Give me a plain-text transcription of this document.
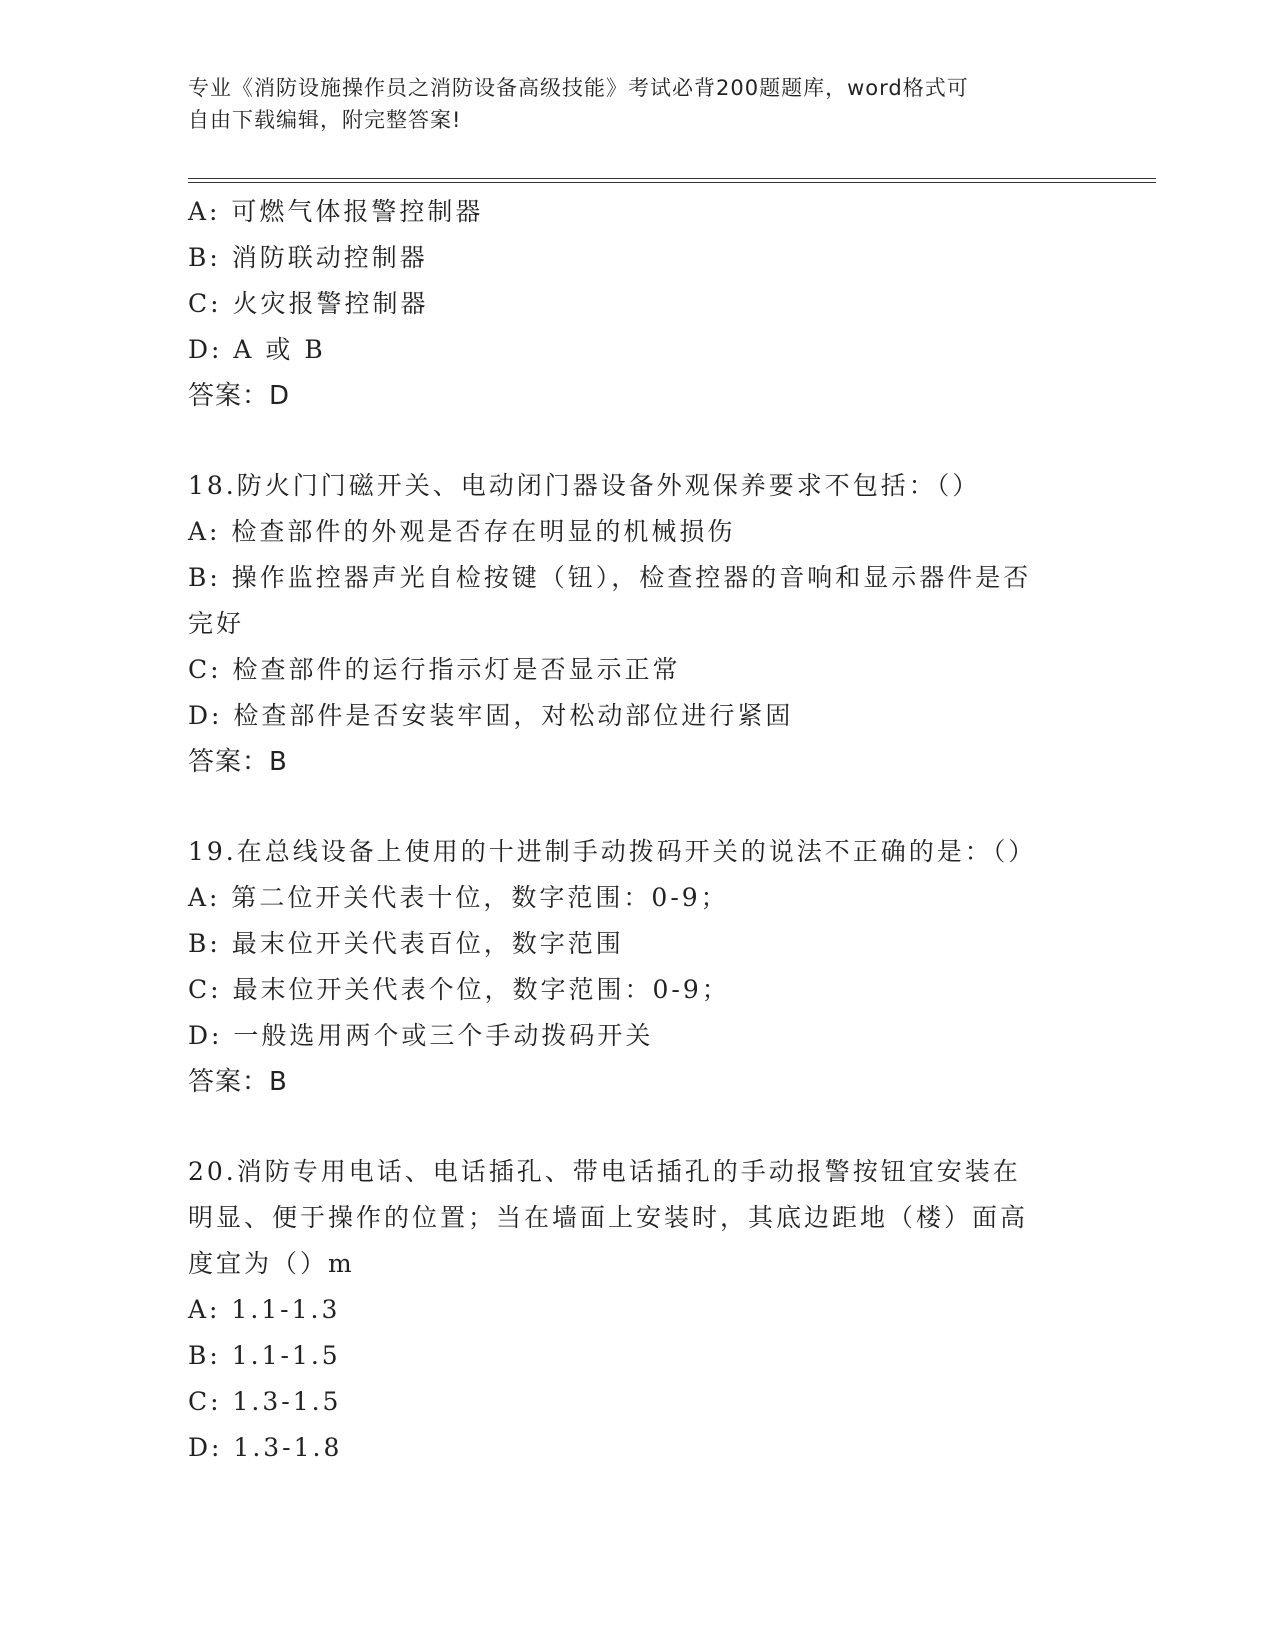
专业《消防设施操作员之消防设备高级技能》考试必背200题题库，word格式可
自由下载编辑，附完整答案!
A: 可燃气体报警控制器
B: 消防联动控制器
C: 火灾报警控制器
D: A 或 B
答案：D
18.防火门门磁开关、电动闭门器设备外观保养要求不包括：（）
A: 检查部件的外观是否存在明显的机械损伤
B: 操作监控器声光自检按键（钮），检查控器的音响和显示器件是否完好
C: 检查部件的运行指示灯是否显示正常
D: 检查部件是否安装牢固，对松动部位进行紧固
答案：B
19.在总线设备上使用的十进制手动拨码开关的说法不正确的是：（）
A: 第二位开关代表十位，数字范围：0-9；
B: 最末位开关代表百位，数字范围
C: 最末位开关代表个位，数字范围：0-9；
D: 一般选用两个或三个手动拨码开关
答案：B
20.消防专用电话、电话插孔、带电话插孔的手动报警按钮宜安装在明显、便于操作的位置；当在墙面上安装时，其底边距地（楼）面高度宜为（）m
A: 1.1-1.3
B: 1.1-1.5
C: 1.3-1.5
D: 1.3-1.8
